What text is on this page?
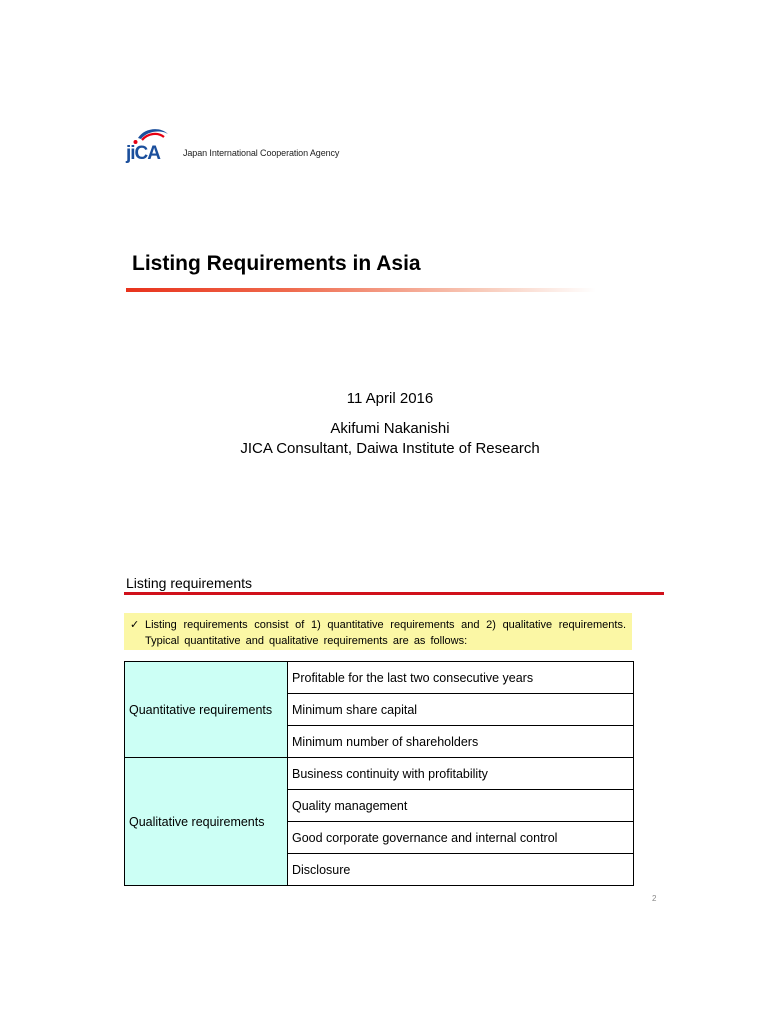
jiCA	Japan International Cooperation Agency
Listing Requirements in Asia
11 April 2016
Akifumi Nakanishi
JICA Consultant, Daiwa Institute of Research
Listing requirements
✓ Listing requirements consist of 1) quantitative requirements and 2) qualitative requirements.
Typical quantitative and qualitative requirements are as follows:
Quantitative requirements	Profitable for the last two consecutive years
	Minimum share capital
	Minimum number of shareholders
Qualitative requirements	Business continuity with profitability
	Quality management
	Good corporate governance and internal control
	Disclosure
2
